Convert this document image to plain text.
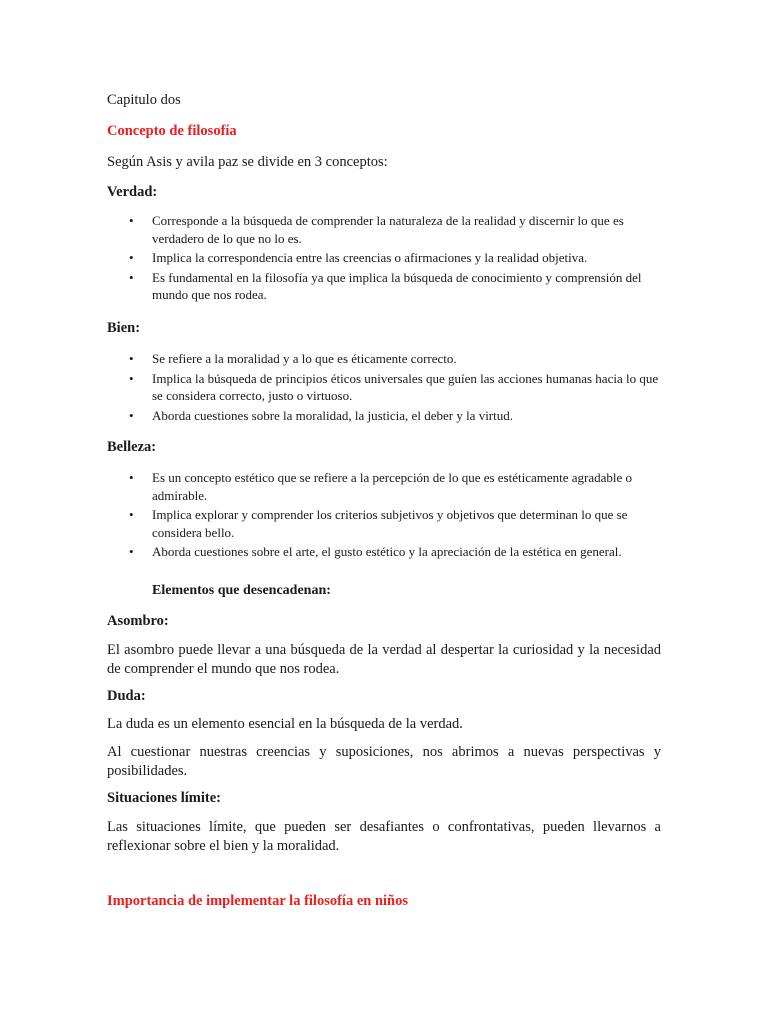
Capitulo dos

Concepto de filosofía

Según Asis y avila paz se divide en 3 conceptos:

Verdad:

• Corresponde a la búsqueda de comprender la naturaleza de la realidad y discernir lo que es verdadero de lo que no lo es.
• Implica la correspondencia entre las creencias o afirmaciones y la realidad objetiva.
• Es fundamental en la filosofía ya que implica la búsqueda de conocimiento y comprensión del mundo que nos rodea.

Bien:

• Se refiere a la moralidad y a lo que es éticamente correcto.
• Implica la búsqueda de principios éticos universales que guíen las acciones humanas hacia lo que se considera correcto, justo o virtuoso.
• Aborda cuestiones sobre la moralidad, la justicia, el deber y la virtud.

Belleza:

• Es un concepto estético que se refiere a la percepción de lo que es estéticamente agradable o admirable.
• Implica explorar y comprender los criterios subjetivos y objetivos que determinan lo que se considera bello.
• Aborda cuestiones sobre el arte, el gusto estético y la apreciación de la estética en general.

Elementos que desencadenan:

Asombro:

El asombro puede llevar a una búsqueda de la verdad al despertar la curiosidad y la necesidad de comprender el mundo que nos rodea.

Duda:

La duda es un elemento esencial en la búsqueda de la verdad.

Al cuestionar nuestras creencias y suposiciones, nos abrimos a nuevas perspectivas y posibilidades.

Situaciones límite:

Las situaciones límite, que pueden ser desafiantes o confrontativas, pueden llevarnos a reflexionar sobre el bien y la moralidad.

Importancia de implementar la filosofía en niños
